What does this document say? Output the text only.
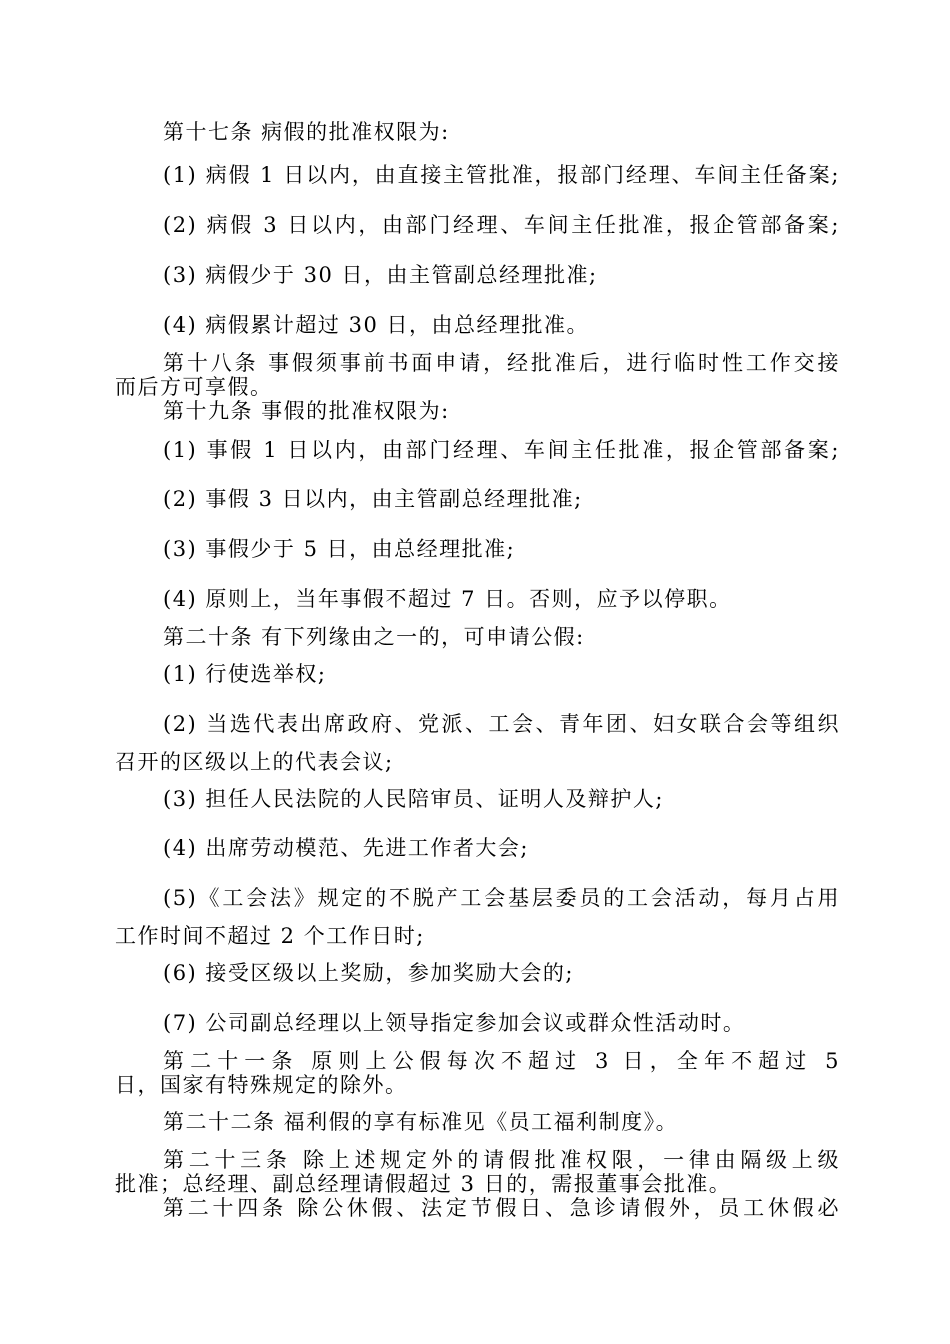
第十七条 病假的批准权限为:

(1) 病假 1 日以内，由直接主管批准，报部门经理、车间主任备案;

(2) 病假 3 日以内，由部门经理、车间主任批准，报企管部备案;

(3) 病假少于 30 日，由主管副总经理批准;

(4) 病假累计超过 30 日，由总经理批准。

第十八条 事假须事前书面申请，经批准后，进行临时性工作交接

而后方可享假。

第十九条 事假的批准权限为:

(1) 事假 1 日以内，由部门经理、车间主任批准，报企管部备案;

(2) 事假 3 日以内，由主管副总经理批准;

(3) 事假少于 5 日，由总经理批准;

(4) 原则上，当年事假不超过 7 日。否则，应予以停职。

第二十条 有下列缘由之一的，可申请公假:

(1) 行使选举权;

(2) 当选代表出席政府、党派、工会、青年团、妇女联合会等组织

召开的区级以上的代表会议;

(3) 担任人民法院的人民陪审员、证明人及辩护人;

(4) 出席劳动模范、先进工作者大会;

(5)《工会法》规定的不脱产工会基层委员的工会活动，每月占用

工作时间不超过 2 个工作日时;

(6) 接受区级以上奖励，参加奖励大会的;

(7) 公司副总经理以上领导指定参加会议或群众性活动时。

第二十一条 原则上公假每次不超过 3 日，全年不超过 5

日，国家有特殊规定的除外。

第二十二条 福利假的享有标准见《员工福利制度》。

第二十三条 除上述规定外的请假批准权限，一律由隔级上级

批准；总经理、副总经理请假超过 3 日的，需报董事会批准。

第二十四条 除公休假、法定节假日、急诊请假外，员工休假必
